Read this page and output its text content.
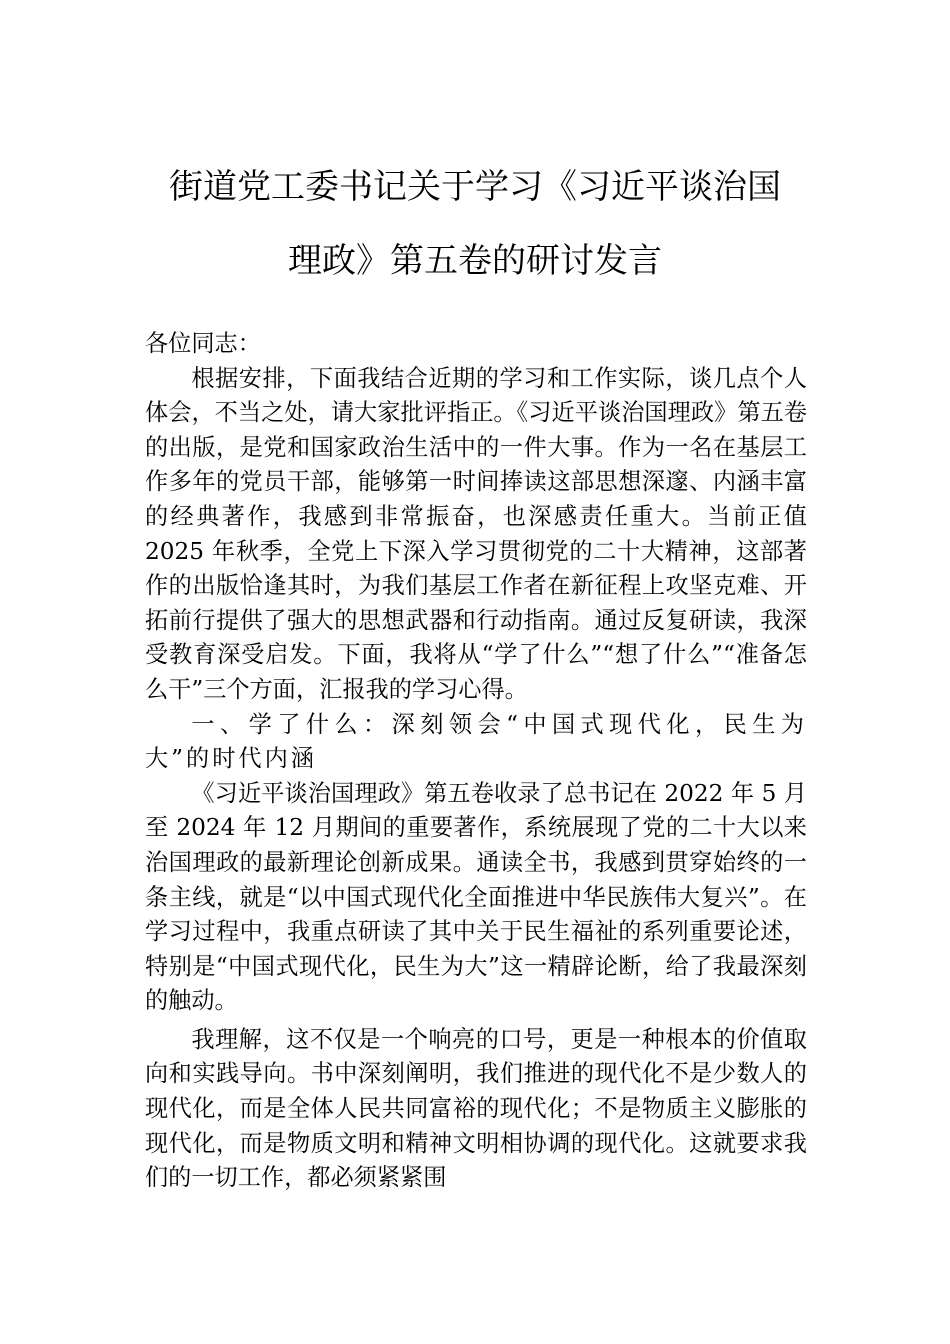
街道党工委书记关于学习《习近平谈治国
理政》第五卷的研讨发言

各位同志：

根据安排，下面我结合近期的学习和工作实际，谈几点个人体会，不当之处，请大家批评指正。《习近平谈治国理政》第五卷的出版，是党和国家政治生活中的一件大事。作为一名在基层工作多年的党员干部，能够第一时间捧读这部思想深邃、内涵丰富的经典著作，我感到非常振奋，也深感责任重大。当前正值 2025 年秋季，全党上下深入学习贯彻党的二十大精神，这部著作的出版恰逢其时，为我们基层工作者在新征程上攻坚克难、开拓前行提供了强大的思想武器和行动指南。通过反复研读，我深受教育深受启发。下面，我将从“学了什么”“想了什么”“准备怎么干”三个方面，汇报我的学习心得。

一、学了什么：深刻领会“中国式现代化，民生为大”的时代内涵

《习近平谈治国理政》第五卷收录了总书记在 2022 年 5 月至 2024 年 12 月期间的重要著作，系统展现了党的二十大以来治国理政的最新理论创新成果。通读全书，我感到贯穿始终的一条主线，就是“以中国式现代化全面推进中华民族伟大复兴”。在学习过程中，我重点研读了其中关于民生福祉的系列重要论述，特别是“中国式现代化，民生为大”这一精辟论断，给了我最深刻的触动。

我理解，这不仅是一个响亮的口号，更是一种根本的价值取向和实践导向。书中深刻阐明，我们推进的现代化不是少数人的现代化，而是全体人民共同富裕的现代化；不是物质主义膨胀的现代化，而是物质文明和精神文明相协调的现代化。这就要求我们的一切工作，都必须紧紧围
